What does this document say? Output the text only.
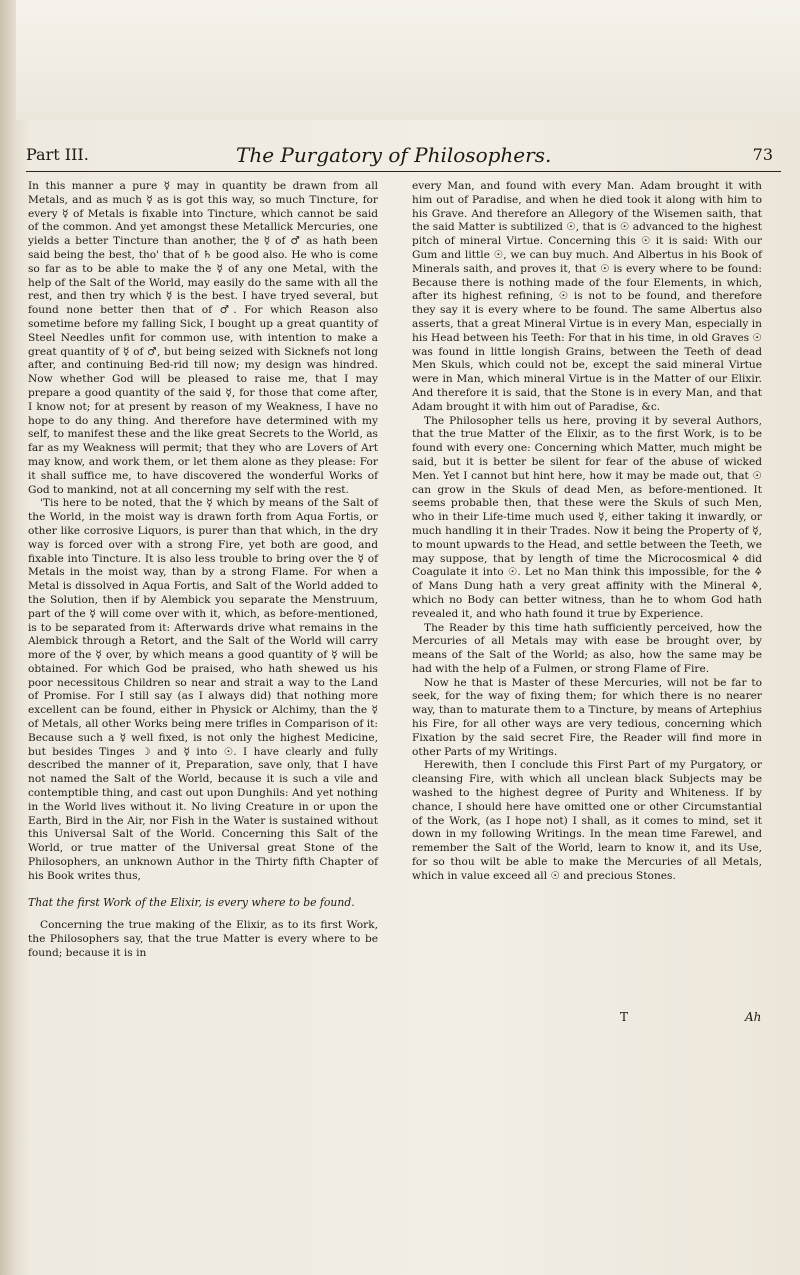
Part III.	The Purgatory of Philosophers.	73

In this manner a pure ☿ may in quantity be drawn from all Metals, and as much ☿ as is got this way, so much Tincture, for every ☿ of Metals is fixable into Tincture, which cannot be said of the common. And yet amongst these Metallick Mercuries, one yields a better Tincture than another, the ☿ of ♂ as hath been said being the best, tho' that of ♄ be good also. He who is come so far as to be able to make the ☿ of any one Metal, with the help of the Salt of the World, may easily do the same with all the rest, and then try which ☿ is the best. I have tryed several, but found none better then that of ♂. For which Reason also sometime before my falling Sick, I bought up a great quantity of Steel Needles unfit for common use, with intention to make a great quantity of ☿ of ♂, but being seized with Sicknefs not long after, and continuing Bed-rid till now; my design was hindred. Now whether God will be pleased to raise me, that I may prepare a good quantity of the said ☿, for those that come after, I know not; for at present by reason of my Weakness, I have no hope to do any thing. And therefore have determined with my self, to manifest these and the like great Secrets to the World, as far as my Weakness will permit; that they who are Lovers of Art may know, and work them, or let them alone as they please: For it shall suffice me, to have discovered the wonderful Works of God to mankind, not at all concerning my self with the rest.

'Tis here to be noted, that the ☿ which by means of the Salt of the World, in the moist way is drawn forth from Aqua Fortis, or other like corrosive Liquors, is purer than that which, in the dry way is forced over with a strong Fire, yet both are good, and fixable into Tincture. It is also less trouble to bring over the ☿ of Metals in the moist way, than by a strong Flame. For when a Metal is dissolved in Aqua Fortis, and Salt of the World added to the Solution, then if by Alembick you separate the Menstruum, part of the ☿ will come over with it, which, as before-mentioned, is to be separated from it: Afterwards drive what remains in the Alembick through a Retort, and the Salt of the World will carry more of the ☿ over, by which means a good quantity of ☿ will be obtained. For which God be praised, who hath shewed us his poor necessitous Children so near and strait a way to the Land of Promise. For I still say (as I always did) that nothing more excellent can be found, either in Physick or Alchimy, than the ☿ of Metals, all other Works being mere trifles in Comparison of it: Because such a ☿ well fixed, is not only the highest Medicine, but besides Tinges ☽ and ☿ into ☉. I have clearly and fully described the manner of it, Preparation, save only, that I have not named the Salt of the World, because it is such a vile and contemptible thing, and cast out upon Dunghils: And yet nothing in the World lives without it. No living Creature in or upon the Earth, Bird in the Air, nor Fish in the Water is sustained without this Universal Salt of the World. Concerning this Salt of the World, or true matter of the Universal great Stone of the Philosophers, an unknown Author in the Thirty fifth Chapter of his Book writes thus,

That the first Work of the Elixir, is every where to be found.

Concerning the true making of the Elixir, as to its first Work, the Philosophers say, that the true Matter is every where to be found; because it is in

every Man, and found with every Man. Adam brought it with him out of Paradise, and when he died took it along with him to his Grave. And therefore an Allegory of the Wisemen saith, that the said Matter is subtilized ☉, that is ☉ advanced to the highest pitch of mineral Virtue. Concerning this ☉ it is said: With our Gum and little ☉, we can buy much. And Albertus in his Book of Minerals saith, and proves it, that ☉ is every where to be found: Because there is nothing made of the four Elements, in which, after its highest refining, ☉ is not to be found, and therefore they say it is every where to be found. The same Albertus also asserts, that a great Mineral Virtue is in every Man, especially in his Head between his Teeth: For that in his time, in old Graves ☉ was found in little longish Grains, between the Teeth of dead Men Skuls, which could not be, except the said mineral Virtue were in Man, which mineral Virtue is in the Matter of our Elixir. And therefore it is said, that the Stone is in every Man, and that Adam brought it with him out of Paradise, &c.

The Philosopher tells us here, proving it by several Authors, that the true Matter of the Elixir, as to the first Work, is to be found with every one: Concerning which Matter, much might be said, but it is better be silent for fear of the abuse of wicked Men. Yet I cannot but hint here, how it may be made out, that ☉ can grow in the Skuls of dead Men, as before-mentioned. It seems probable then, that these were the Skuls of such Men, who in their Life-time much used ☿, either taking it inwardly, or much handling it in their Trades. Now it being the Property of ☿, to mount upwards to the Head, and settle between the Teeth, we may suppose, that by length of time the Microcosmical 🜍 did Coagulate it into ☉. Let no Man think this impossible, for the 🜍 of Mans Dung hath a very great affinity with the Mineral 🜍, which no Body can better witness, than he to whom God hath revealed it, and who hath found it true by Experience.

The Reader by this time hath sufficiently perceived, how the Mercuries of all Metals may with ease be brought over, by means of the Salt of the World; as also, how the same may be had with the help of a Fulmen, or strong Flame of Fire.

Now he that is Master of these Mercuries, will not be far to seek, for the way of fixing them; for which there is no nearer way, than to maturate them to a Tincture, by means of Artephius his Fire, for all other ways are very tedious, concerning which Fixation by the said secret Fire, the Reader will find more in other Parts of my Writings.

Herewith, then I conclude this First Part of my Purgatory, or cleansing Fire, with which all unclean black Subjects may be washed to the highest degree of Purity and Whiteness. If by chance, I should here have omitted one or other Circumstantial of the Work, (as I hope not) I shall, as it comes to mind, set it down in my following Writings. In the mean time Farewel, and remember the Salt of the World, learn to know it, and its Use, for so thou wilt be able to make the Mercuries of all Metals, which in value exceed all ☉ and precious Stones.

T	Ah
